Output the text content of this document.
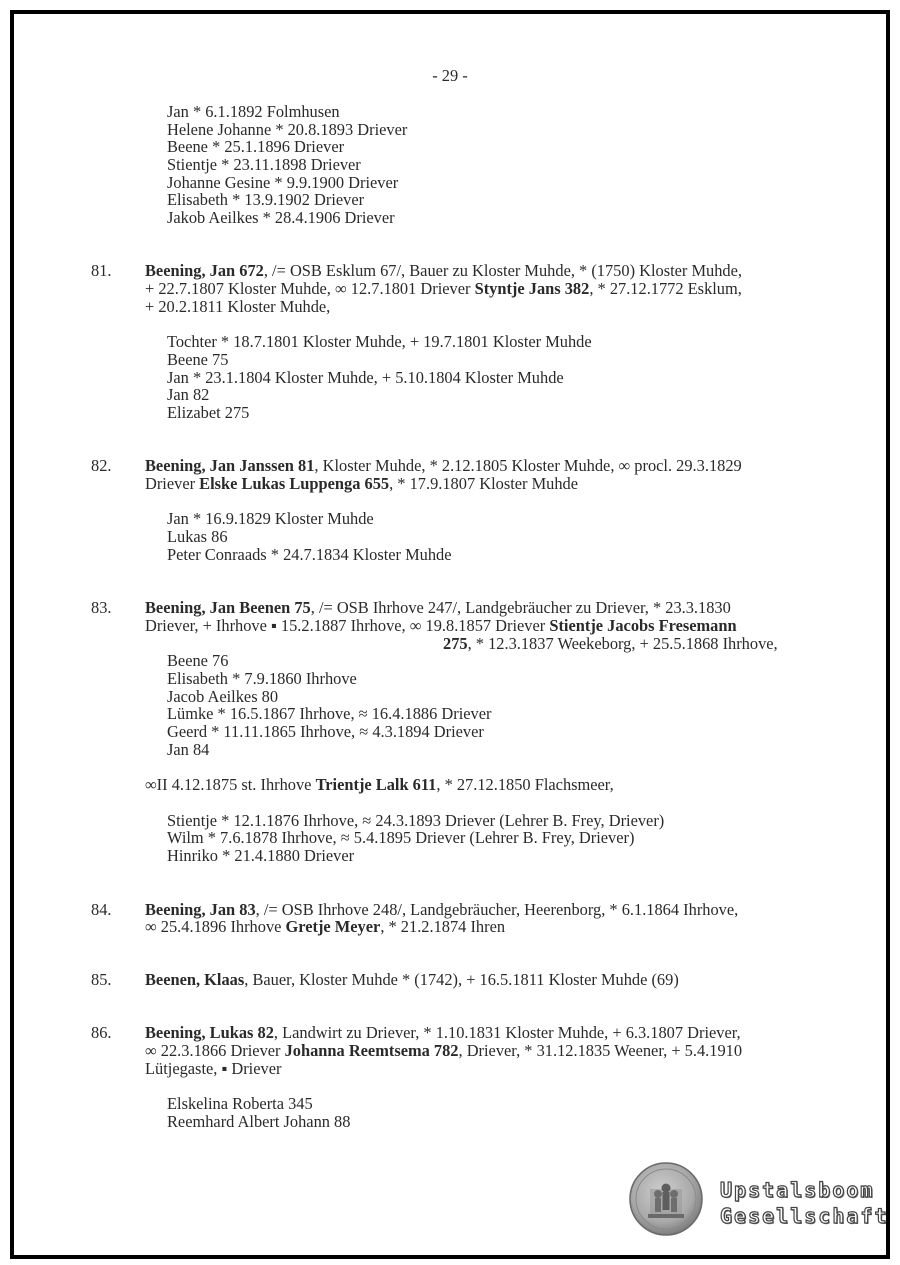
- 29 -
Jan * 6.1.1892 Folmhusen
Helene Johanne * 20.8.1893 Driever
Beene * 25.1.1896 Driever
Stientje * 23.11.1898 Driever
Johanne Gesine * 9.9.1900 Driever
Elisabeth * 13.9.1902 Driever
Jakob Aeilkes * 28.4.1906 Driever
81. Beening, Jan 672, /= OSB Esklum 67/, Bauer zu Kloster Muhde, * (1750) Kloster Muhde,
+ 22.7.1807 Kloster Muhde, ∞ 12.7.1801 Driever Styntje Jans 382, * 27.12.1772 Esklum,
+ 20.2.1811 Kloster Muhde,
Tochter * 18.7.1801 Kloster Muhde, + 19.7.1801 Kloster Muhde
Beene 75
Jan * 23.1.1804 Kloster Muhde, + 5.10.1804 Kloster Muhde
Jan 82
Elizabet 275
82. Beening, Jan Janssen 81, Kloster Muhde, * 2.12.1805 Kloster Muhde, ∞ procl. 29.3.1829
Driever Elske Lukas Luppenga 655, * 17.9.1807 Kloster Muhde
Jan * 16.9.1829 Kloster Muhde
Lukas 86
Peter Conraads * 24.7.1834 Kloster Muhde
83. Beening, Jan Beenen 75, /= OSB Ihrhove 247/, Landgebräucher zu Driever, * 23.3.1830
Driever, + Ihrhove ▪ 15.2.1887 Ihrhove, ∞ 19.8.1857 Driever Stientje Jacobs Fresemann
275, * 12.3.1837 Weekeborg, + 25.5.1868 Ihrhove,
Beene 76
Elisabeth * 7.9.1860 Ihrhove
Jacob Aeilkes 80
Lümke * 16.5.1867 Ihrhove, ≈ 16.4.1886 Driever
Geerd * 11.11.1865 Ihrhove, ≈ 4.3.1894 Driever
Jan 84
∞II 4.12.1875 st. Ihrhove Trientje Lalk 611, * 27.12.1850 Flachsmeer,
Stientje * 12.1.1876 Ihrhove, ≈ 24.3.1893 Driever (Lehrer B. Frey, Driever)
Wilm * 7.6.1878 Ihrhove, ≈ 5.4.1895 Driever (Lehrer B. Frey, Driever)
Hinriko * 21.4.1880 Driever
84. Beening, Jan 83, /= OSB Ihrhove 248/, Landgebräucher, Heerenborg, * 6.1.1864 Ihrhove,
∞ 25.4.1896 Ihrhove Gretje Meyer, * 21.2.1874 Ihren
85. Beenen, Klaas, Bauer, Kloster Muhde * (1742), + 16.5.1811 Kloster Muhde (69)
86. Beening, Lukas 82, Landwirt zu Driever, * 1.10.1831 Kloster Muhde, + 6.3.1807 Driever,
∞ 22.3.1866 Driever Johanna Reemtsema 782, Driever, * 31.12.1835 Weener, + 5.4.1910
Lütjegaste, ▪ Driever
Elskelina Roberta 345
Reemhard Albert Johann 88
Upstalsboom
Gesellschaft
